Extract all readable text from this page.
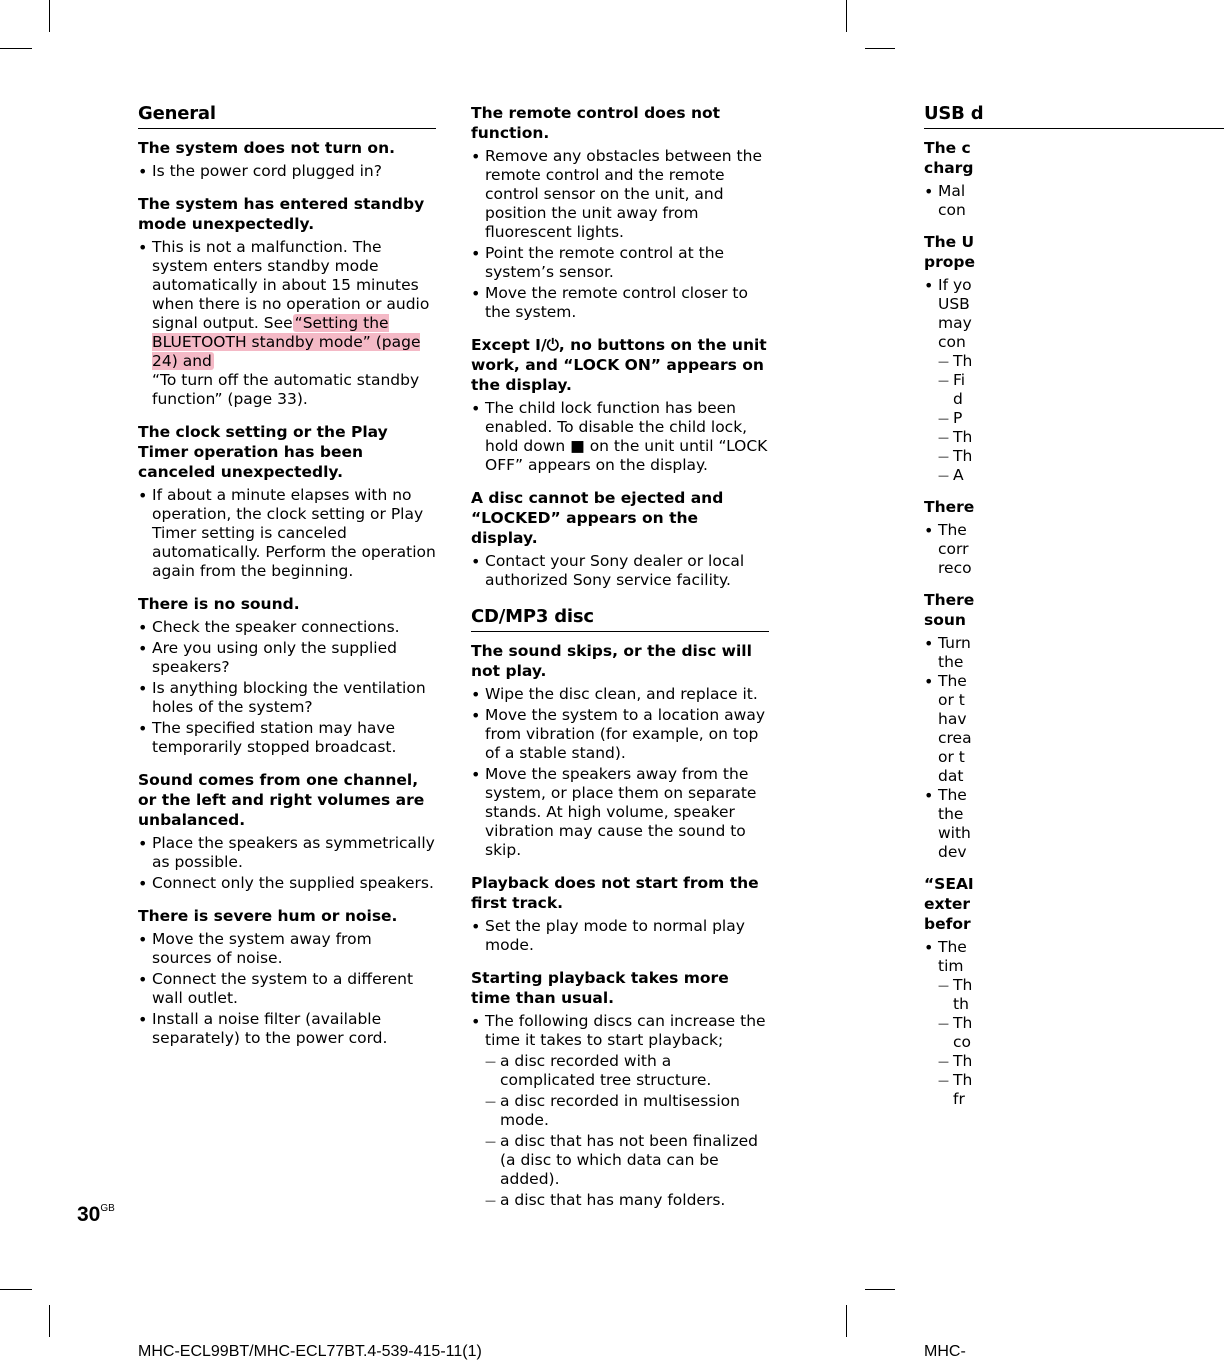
General
The system does not turn on.
• Is the power cord plugged in?
The system has entered standby mode unexpectedly.
• This is not a malfunction. The system enters standby mode automatically in about 15 minutes when there is no operation or audio signal output. See “Setting the BLUETOOTH standby mode” (page 24) and
“To turn off the automatic standby function” (page 33).
The clock setting or the Play Timer operation has been canceled unexpectedly.
• If about a minute elapses with no operation, the clock setting or Play Timer setting is canceled automatically. Perform the operation again from the beginning.
There is no sound.
• Check the speaker connections.
• Are you using only the supplied speakers?
• Is anything blocking the ventilation holes of the system?
• The specified station may have temporarily stopped broadcast.
Sound comes from one channel, or the left and right volumes are unbalanced.
• Place the speakers as symmetrically as possible.
• Connect only the supplied speakers.
There is severe hum or noise.
• Move the system away from sources of noise.
• Connect the system to a different wall outlet.
• Install a noise filter (available separately) to the power cord.
The remote control does not function.
• Remove any obstacles between the remote control and the remote control sensor on the unit, and position the unit away from fluorescent lights.
• Point the remote control at the system’s sensor.
• Move the remote control closer to the system.
Except I/⏻, no buttons on the unit work, and “LOCK ON” appears on the display.
• The child lock function has been enabled. To disable the child lock, hold down ■ on the unit until “LOCK OFF” appears on the display.
A disc cannot be ejected and “LOCKED” appears on the display.
• Contact your Sony dealer or local authorized Sony service facility.
CD/MP3 disc
The sound skips, or the disc will not play.
• Wipe the disc clean, and replace it.
• Move the system to a location away from vibration (for example, on top of a stable stand).
• Move the speakers away from the system, or place them on separate stands. At high volume, speaker vibration may cause the sound to skip.
Playback does not start from the first track.
• Set the play mode to normal play mode.
Starting playback takes more time than usual.
• The following discs can increase the time it takes to start playback;
— a disc recorded with a complicated tree structure.
— a disc recorded in multisession mode.
— a disc that has not been finalized (a disc to which data can be added).
— a disc that has many folders.
USB d
The c
charg
• Mal
con
The U
prope
• If yo
USB
may
con
— Th
— Fi
d
— P
— Th
— Th
— A
There
• The
corr
reco
There
soun
• Turn
the
• The
or t
hav
crea
or t
dat
• The
the
with
dev
“SEAI
exter
befor
• The
tim
— Th
th
— Th
co
— Th
— Th
fr
$30^{GB}$
MHC-ECL99BT/MHC-ECL77BT.4-539-415-11(1)	MHC-
